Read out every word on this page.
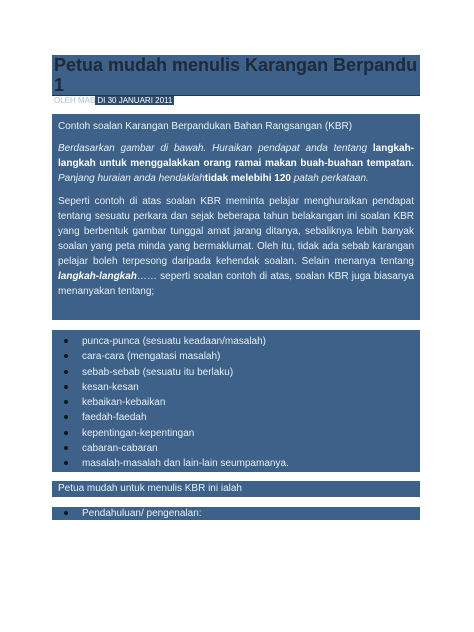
Petua mudah menulis Karangan Berpandu 1
OLEH MAB DI 30 JANUARI 2011

Contoh soalan Karangan Berpandukan Bahan Rangsangan (KBR)

Berdasarkan gambar di bawah. Huraikan pendapat anda tentang langkah-langkah untuk menggalakkan orang ramai makan buah-buahan tempatan. Panjang huraian anda hendaklahtidak melebihi 120 patah perkataan.

Seperti contoh di atas soalan KBR meminta pelajar menghuraikan pendapat tentang sesuatu perkara dan sejak beberapa tahun belakangan ini soalan KBR yang berbentuk gambar tunggal amat jarang ditanya, sebaliknya lebih banyak soalan yang peta minda yang bermaklumat. Oleh itu, tidak ada sebab karangan pelajar boleh terpesong daripada kehendak soalan. Selain menanya tentang langkah-langkah…… seperti soalan contoh di atas, soalan KBR juga biasanya menanyakan tentang;

punca-punca (sesuatu keadaan/masalah)
cara-cara (mengatasi masalah)
sebab-sebab (sesuatu itu berlaku)
kesan-kesan
kebaikan-kebaikan
faedah-faedah
kepentingan-kepentingan
cabaran-cabaran
masalah-masalah dan lain-lain seumpamanya.
Petua mudah untuk menulis KBR ini ialah
Pendahuluan/ pengenalan:
